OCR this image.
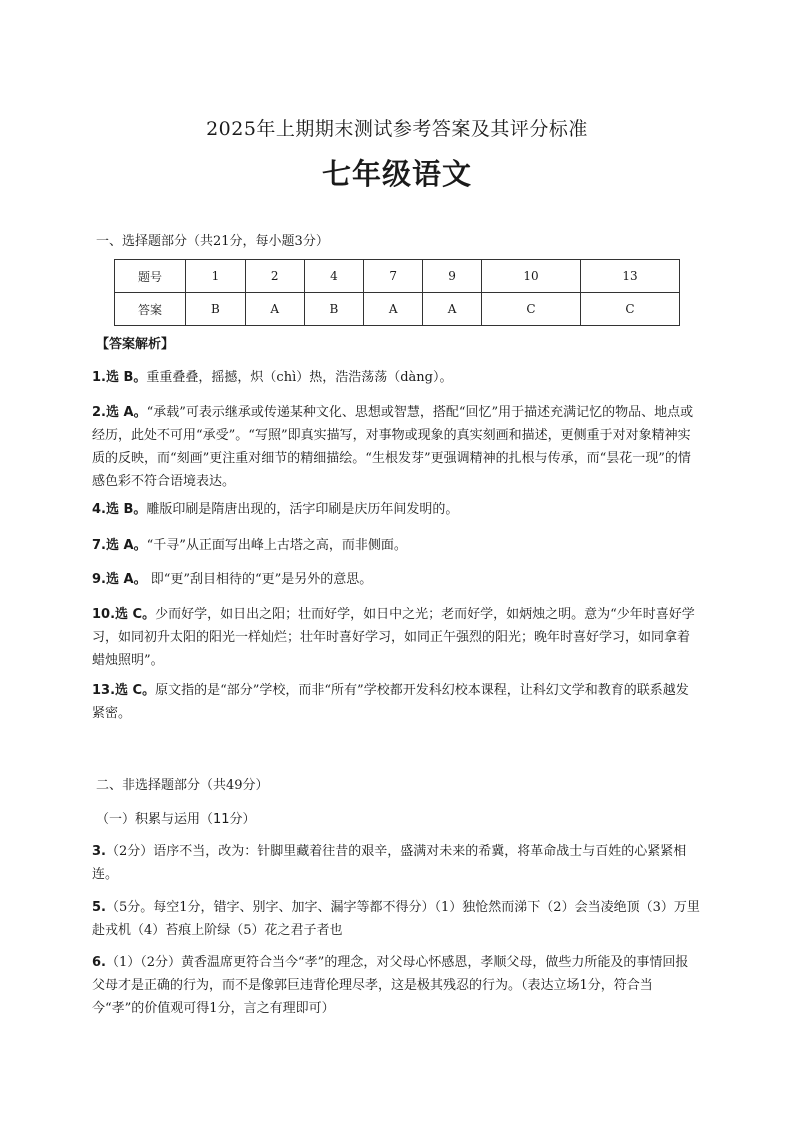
2025年上期期末测试参考答案及其评分标准
七年级语文
一、选择题部分（共21分，每小题3分）
题号	1	2	4	7	9	10	13
答案	B	A	B	A	A	C	C
【答案解析】
1.选 B。重重叠叠，摇撼，炽（chì）热，浩浩荡荡（dàng）。
2.选 A。“承载”可表示继承或传递某种文化、思想或智慧，搭配“回忆”用于描述充满记忆的物品、地点或经历，此处不可用“承受”。“写照”即真实描写，对事物或现象的真实刻画和描述，更侧重于对对象精神实质的反映，而“刻画”更注重对细节的精细描绘。“生根发芽”更强调精神的扎根与传承，而“昙花一现”的情感色彩不符合语境表达。
4.选 B。雕版印刷是隋唐出现的，活字印刷是庆历年间发明的。
7.选 A。“千寻”从正面写出峰上古塔之高，而非侧面。
9.选 A。 即“更”刮目相待的“更”是另外的意思。
10.选 C。少而好学，如日出之阳；壮而好学，如日中之光；老而好学，如炳烛之明。意为“少年时喜好学习，如同初升太阳的阳光一样灿烂；壮年时喜好学习，如同正午强烈的阳光；晚年时喜好学习，如同拿着蜡烛照明”。
13.选 C。原文指的是“部分”学校，而非“所有”学校都开发科幻校本课程，让科幻文学和教育的联系越发紧密。
二、非选择题部分（共49分）
（一）积累与运用（11分）
3.（2分）语序不当，改为：针脚里藏着往昔的艰辛，盛满对未来的希冀，将革命战士与百姓的心紧紧相连。
5.（5分。每空1分，错字、别字、加字、漏字等都不得分）（1）独怆然而涕下（2）会当凌绝顶（3）万里赴戎机（4）苔痕上阶绿（5）花之君子者也
6.（1）（2分）黄香温席更符合当今“孝”的理念，对父母心怀感恩，孝顺父母，做些力所能及的事情回报父母才是正确的行为，而不是像郭巨违背伦理尽孝，这是极其残忍的行为。（表达立场1分，符合当今“孝”的价值观可得1分，言之有理即可）
